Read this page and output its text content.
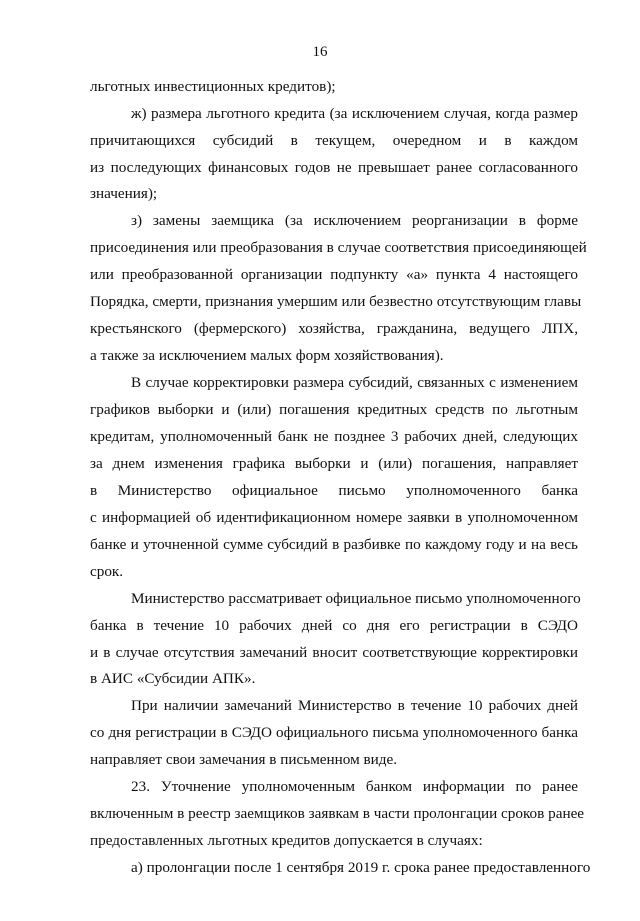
16
льготных инвестиционных кредитов);
ж) размера льготного кредита (за исключением случая, когда размер
причитающихся субсидий в текущем, очередном и в каждом
из последующих финансовых годов не превышает ранее согласованного
значения);
з) замены заемщика (за исключением реорганизации в форме
присоединения или преобразования в случае соответствия присоединяющей
или преобразованной организации подпункту «а» пункта 4 настоящего
Порядка, смерти, признания умершим или безвестно отсутствующим главы
крестьянского (фермерского) хозяйства, гражданина, ведущего ЛПХ,
а также за исключением малых форм хозяйствования).
В случае корректировки размера субсидий, связанных с изменением
графиков выборки и (или) погашения кредитных средств по льготным
кредитам, уполномоченный банк не позднее 3 рабочих дней, следующих
за днем изменения графика выборки и (или) погашения, направляет
в Министерство официальное письмо уполномоченного банка
с информацией об идентификационном номере заявки в уполномоченном
банке и уточненной сумме субсидий в разбивке по каждому году и на весь
срок.
Министерство рассматривает официальное письмо уполномоченного
банка в течение 10 рабочих дней со дня его регистрации в СЭДО
и в случае отсутствия замечаний вносит соответствующие корректировки
в АИС «Субсидии АПК».
При наличии замечаний Министерство в течение 10 рабочих дней
со дня регистрации в СЭДО официального письма уполномоченного банка
направляет свои замечания в письменном виде.
23. Уточнение уполномоченным банком информации по ранее
включенным в реестр заемщиков заявкам в части пролонгации сроков ранее
предоставленных льготных кредитов допускается в случаях:
а) пролонгации после 1 сентября 2019 г. срока ранее предоставленного
